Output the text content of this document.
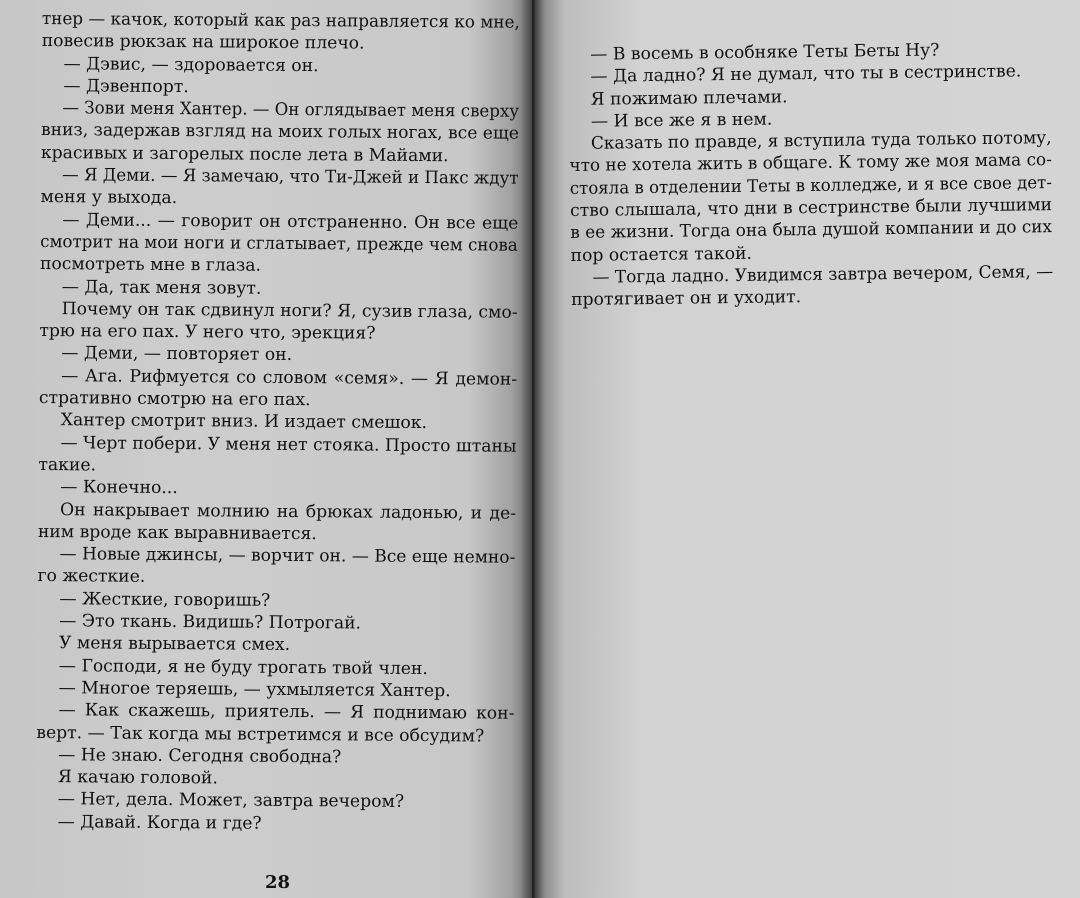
тнер — качок, который как раз направляется ко мне,
повесив рюкзак на широкое плечо.
— Дэвис, — здоровается он.
— Дэвенпорт.
— Зови меня Хантер. — Он оглядывает меня сверху
вниз, задержав взгляд на моих голых ногах, все еще
красивых и загорелых после лета в Майами.
— Я Деми. — Я замечаю, что Ти-Джей и Пакс ждут
меня у выхода.
— Деми... — говорит он отстраненно. Он все еще
смотрит на мои ноги и сглатывает, прежде чем снова
посмотреть мне в глаза.
— Да, так меня зовут.
Почему он так сдвинул ноги? Я, сузив глаза, смо-
трю на его пах. У него что, эрекция?
— Деми, — повторяет он.
— Ага. Рифмуется со словом «семя». — Я демон-
стративно смотрю на его пах.
Хантер смотрит вниз. И издает смешок.
— Черт побери. У меня нет стояка. Просто штаны
такие.
— Конечно...
Он накрывает молнию на брюках ладонью, и де-
ним вроде как выравнивается.
— Новые джинсы, — ворчит он. — Все еще немно-
го жесткие.
— Жесткие, говоришь?
— Это ткань. Видишь? Потрогай.
У меня вырывается смех.
— Господи, я не буду трогать твой член.
— Многое теряешь, — ухмыляется Хантер.
— Как скажешь, приятель. — Я поднимаю кон-
верт. — Так когда мы встретимся и все обсудим?
— Не знаю. Сегодня свободна?
Я качаю головой.
— Нет, дела. Может, завтра вечером?
— Давай. Когда и где?
28
— В восемь в особняке Теты Беты Ну?
— Да ладно? Я не думал, что ты в сестринстве.
Я пожимаю плечами.
— И все же я в нем.
Сказать по правде, я вступила туда только потому,
что не хотела жить в общаге. К тому же моя мама со-
стояла в отделении Теты в колледже, и я все свое дет-
ство слышала, что дни в сестринстве были лучшими
в ее жизни. Тогда она была душой компании и до сих
пор остается такой.
— Тогда ладно. Увидимся завтра вечером, Семя, —
протягивает он и уходит.
